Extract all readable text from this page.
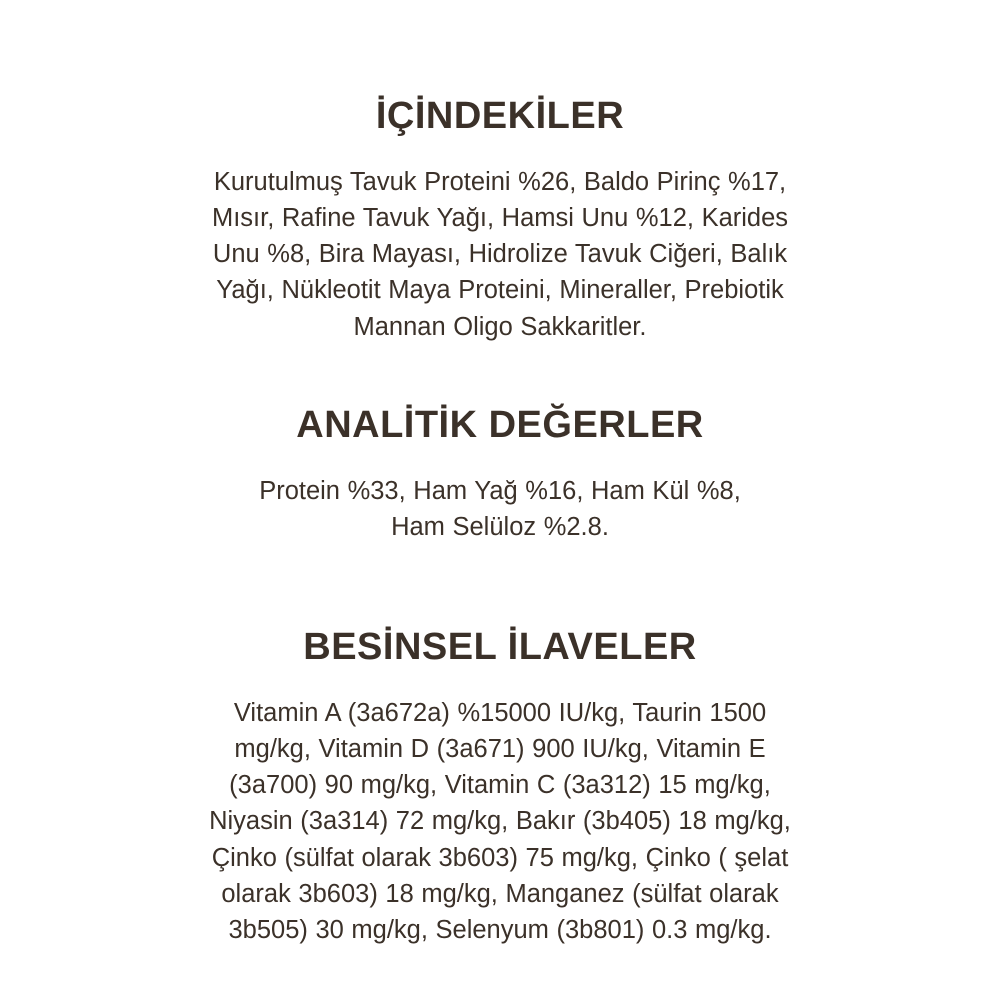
İÇİNDEKİLER

Kurutulmuş Tavuk Proteini %26, Baldo Pirinç %17, Mısır, Rafine Tavuk Yağı, Hamsi Unu %12, Karides Unu %8, Bira Mayası, Hidrolize Tavuk Ciğeri, Balık Yağı, Nükleotit Maya Proteini, Mineraller, Prebiotik Mannan Oligo Sakkaritler.

ANALİTİK DEĞERLER

Protein %33, Ham Yağ %16, Ham Kül %8, Ham Selüloz %2.8.

BESİNSEL İLAVELER

Vitamin A (3a672a) %15000 IU/kg, Taurin 1500 mg/kg, Vitamin D (3a671) 900 IU/kg, Vitamin E (3a700) 90 mg/kg, Vitamin C (3a312) 15 mg/kg, Niyasin (3a314) 72 mg/kg, Bakır (3b405) 18 mg/kg, Çinko (sülfat olarak 3b603) 75 mg/kg, Çinko ( şelat olarak 3b603) 18 mg/kg, Manganez (sülfat olarak 3b505) 30 mg/kg, Selenyum (3b801) 0.3 mg/kg.
